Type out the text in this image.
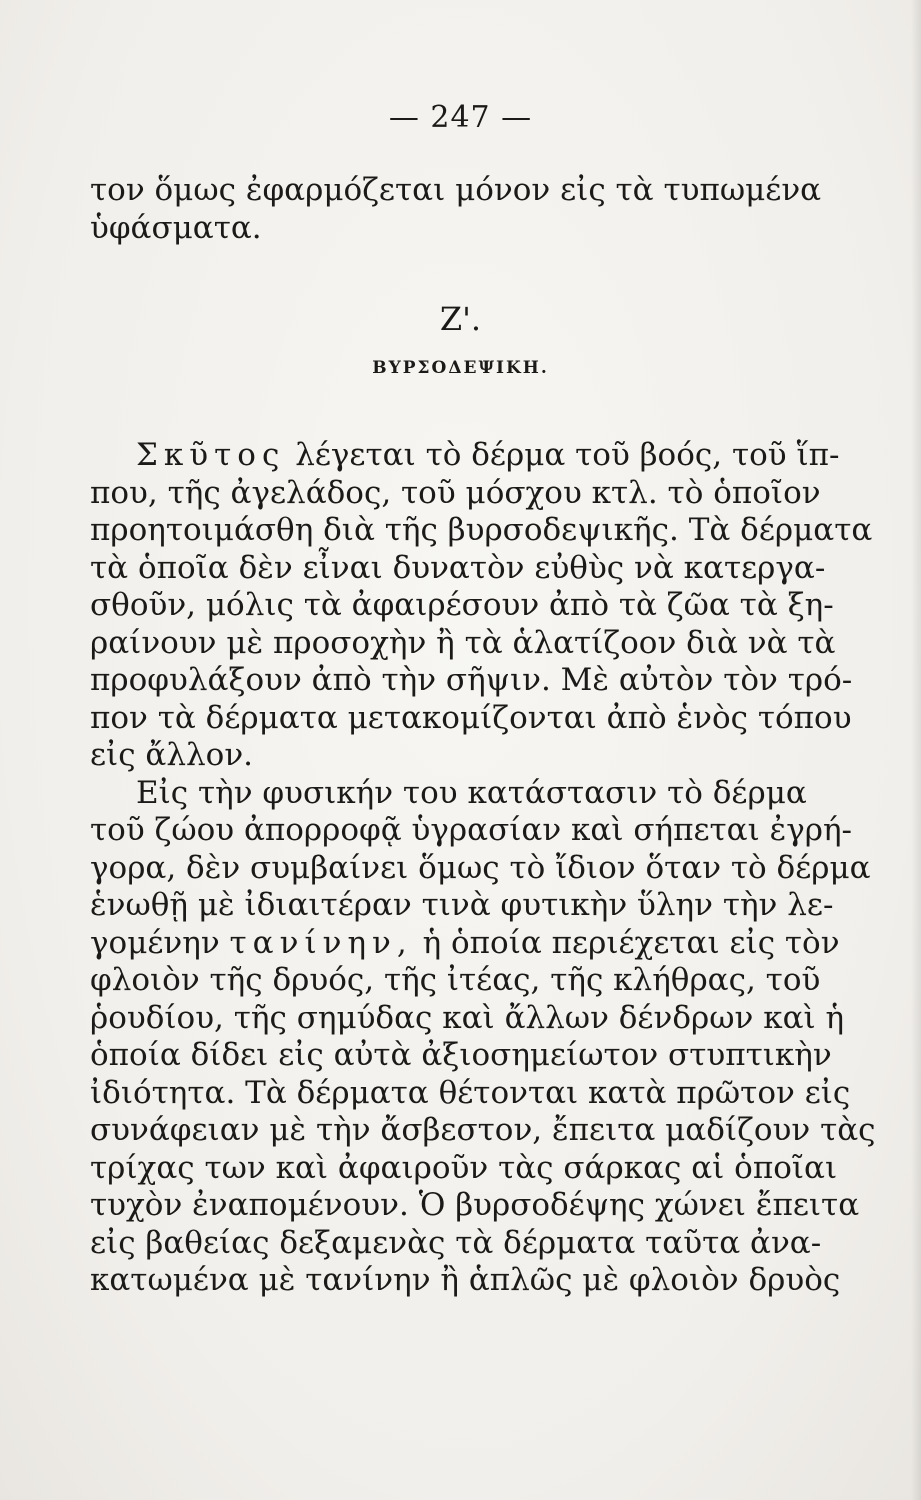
— 247 —
τον ὅμως ἐφαρμόζεται μόνον εἰς τὰ τυπωμένα
ὑφάσματα.
Ζ'.
ΒΥΡΣΟΔΕΨΙΚΗ.
Σκῦτος λέγεται τὸ δέρμα τοῦ βοός, τοῦ ἵπ-
που, τῆς ἀγελάδος, τοῦ μόσχου κτλ. τὸ ὁποῖον
προητοιμάσθη διὰ τῆς βυρσοδεψικῆς. Τὰ δέρματα
τὰ ὁποῖα δὲν εἶναι δυνατὸν εὐθὺς νὰ κατεργα-
σθοῦν, μόλις τὰ ἀφαιρέσουν ἀπὸ τὰ ζῶα τὰ ξη-
ραίνουν μὲ προσοχὴν ἢ τὰ ἁλατίζοον διὰ νὰ τὰ
προφυλάξουν ἀπὸ τὴν σῆψιν. Μὲ αὐτὸν τὸν τρό-
πον τὰ δέρματα μετακομίζονται ἀπὸ ἑνὸς τόπου
εἰς ἄλλον.
Εἰς τὴν φυσικήν του κατάστασιν τὸ δέρμα
τοῦ ζώου ἀπορροφᾷ ὑγρασίαν καὶ σήπεται ἐγρή-
γορα, δὲν συμβαίνει ὅμως τὸ ἴδιον ὅταν τὸ δέρμα
ἑνωθῇ μὲ ἰδιαιτέραν τινὰ φυτικὴν ὕλην τὴν λε-
γομένην τανίνην, ἡ ὁποία περιέχεται εἰς τὸν
φλοιὸν τῆς δρυός, τῆς ἰτέας, τῆς κλήθρας, τοῦ
ῥουδίου, τῆς σημύδας καὶ ἄλλων δένδρων καὶ ἡ
ὁποία δίδει εἰς αὐτὰ ἀξιοσημείωτον στυπτικὴν
ἰδιότητα. Τὰ δέρματα θέτονται κατὰ πρῶτον εἰς
συνάφειαν μὲ τὴν ἄσβεστον, ἔπειτα μαδίζουν τὰς
τρίχας των καὶ ἀφαιροῦν τὰς σάρκας αἱ ὁποῖαι
τυχὸν ἐναπομένουν. Ὁ βυρσοδέψης χώνει ἔπειτα
εἰς βαθείας δεξαμενὰς τὰ δέρματα ταῦτα ἀνα-
κατωμένα μὲ τανίνην ἢ ἁπλῶς μὲ φλοιὸν δρυὸς
